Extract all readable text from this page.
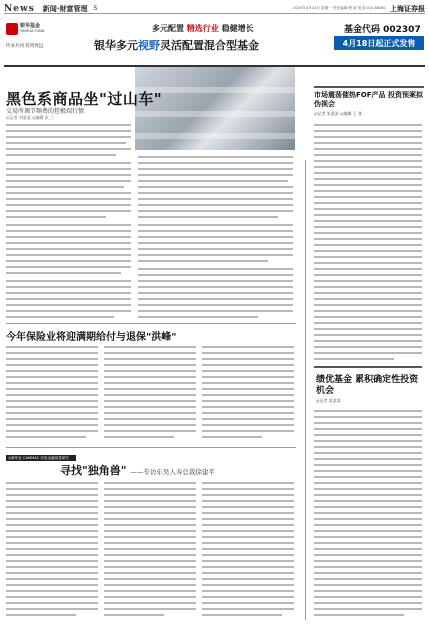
News 新闻·财富管理 5	2020年4月13日 星期一 责任编辑:程 硕 电话:010-88061 上海证券报
银华基金
YINHUA FUND
传承共同 投资致远
多元配置 精选行业 稳健增长	基金代码 002307
银华多元视野灵活配置混合型基金	4月18日起正式发售
黑色系商品坐"过山车"
交易所调节频费的控极端行情
◎记者 刘某某 ◎编辑 张 三
市场震荡催热FOF产品 投资预案拟伪视会
◎记者 朱某某 ◎编辑 王 某
今年保险业将迎满期给付与退保"洪峰"
◎新华社 CAMMAC 央视金融财富研究
寻找"独角兽" ——专访东吴人寿总裁徐建平
绩优基金 累积确定性投资机会
◎记者 某某某
